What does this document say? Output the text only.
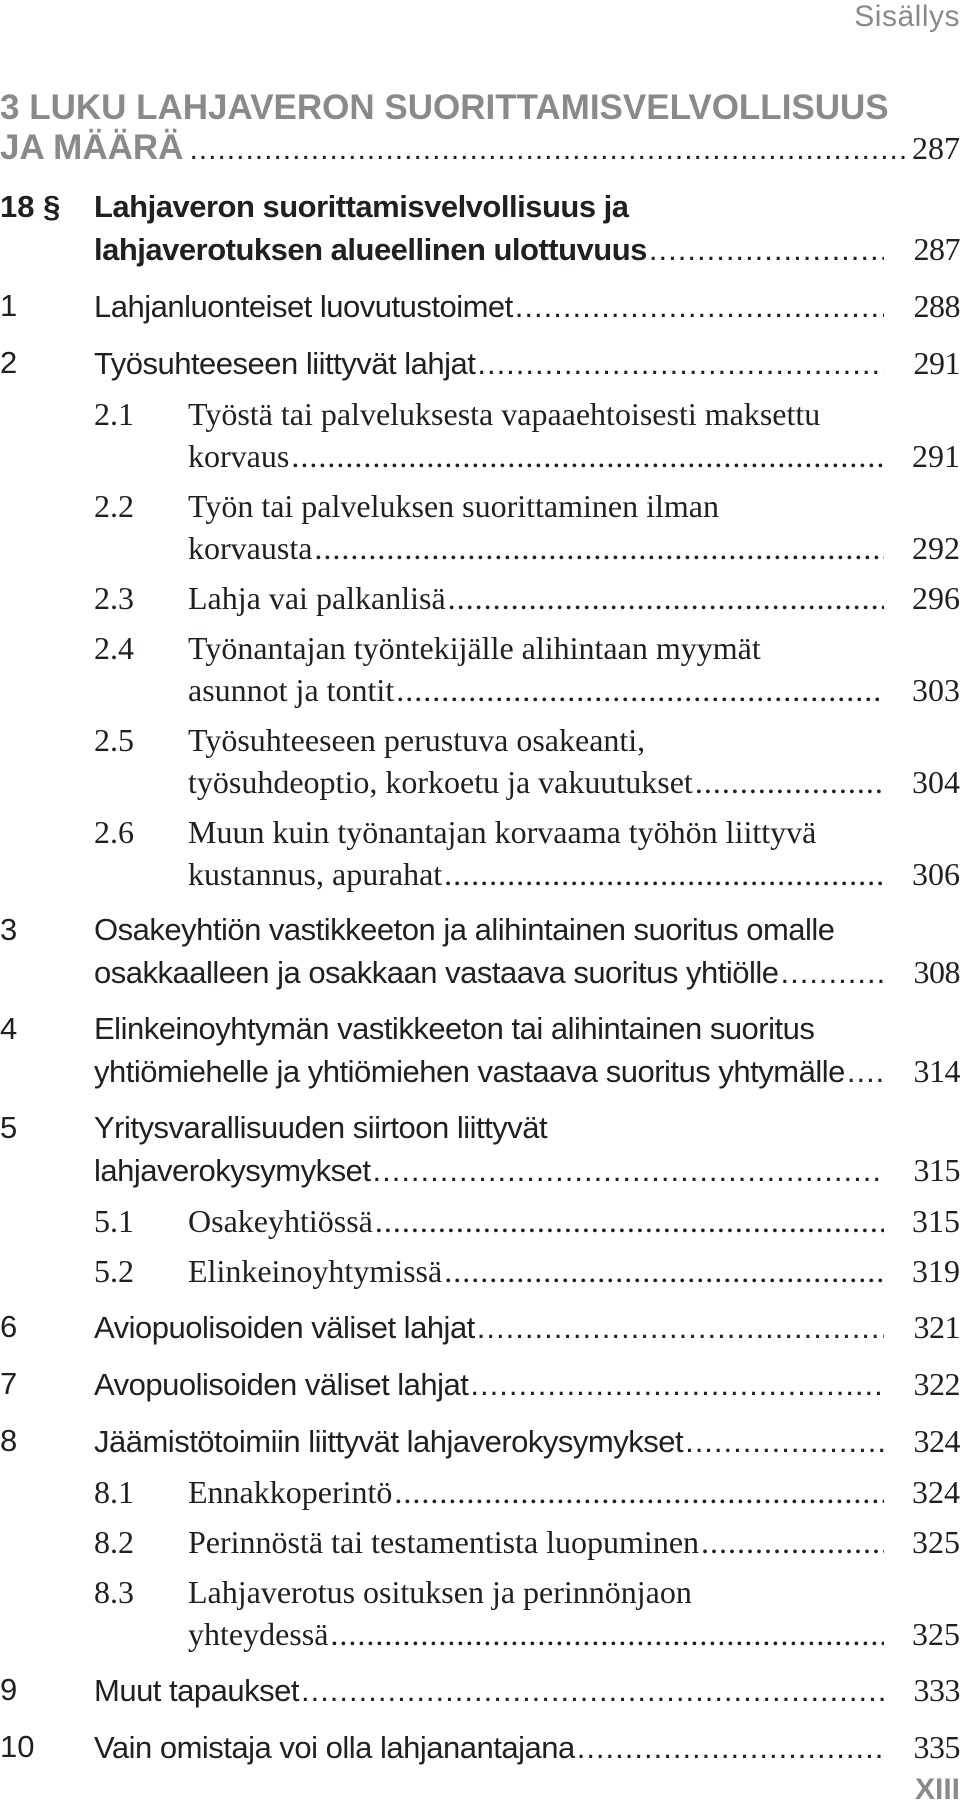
Sisällys
3 LUKU LAHJAVERON SUORITTAMISVELVOLLISUUS
JA MÄÄRÄ .....	287
18 §	Lahjaveron suorittamisvelvollisuus ja
lahjaverotuksen alueellinen ulottuvuus .....	287
1	Lahjanluonteiset luovutustoimet .....	288
2	Työsuhteeseen liittyvät lahjat .....	291
2.1	Työstä tai palveluksesta vapaaehtoisesti maksettu
korvaus .....	291
2.2	Työn tai palveluksen suorittaminen ilman
korvausta .....	292
2.3	Lahja vai palkanlisä .....	296
2.4	Työnantajan työntekijälle alihintaan myymät
asunnot ja tontit .....	303
2.5	Työsuhteeseen perustuva osakeanti,
työsuhdeoptio, korkoetu ja vakuutukset .....	304
2.6	Muun kuin työnantajan korvaama työhön liittyvä
kustannus, apurahat .....	306
3	Osakeyhtiön vastikkeeton ja alihintainen suoritus omalle
osakkaalleen ja osakkaan vastaava suoritus yhtiölle .....	308
4	Elinkeinoyhtymän vastikkeeton tai alihintainen suoritus
yhtiömiehelle ja yhtiömiehen vastaava suoritus yhtymälle .....	314
5	Yritysvarallisuuden siirtoon liittyvät
lahjaverokysymykset .....	315
5.1	Osakeyhtiössä .....	315
5.2	Elinkeinoyhtymissä .....	319
6	Aviopuolisoiden väliset lahjat .....	321
7	Avopuolisoiden väliset lahjat .....	322
8	Jäämistötoimiin liittyvät lahjaverokysymykset .....	324
8.1	Ennakkoperintö .....	324
8.2	Perinnöstä tai testamentista luopuminen .....	325
8.3	Lahjaverotus osituksen ja perinnönjaon
yhteydessä .....	325
9	Muut tapaukset .....	333
10	Vain omistaja voi olla lahjanantajana .....	335
XIII
